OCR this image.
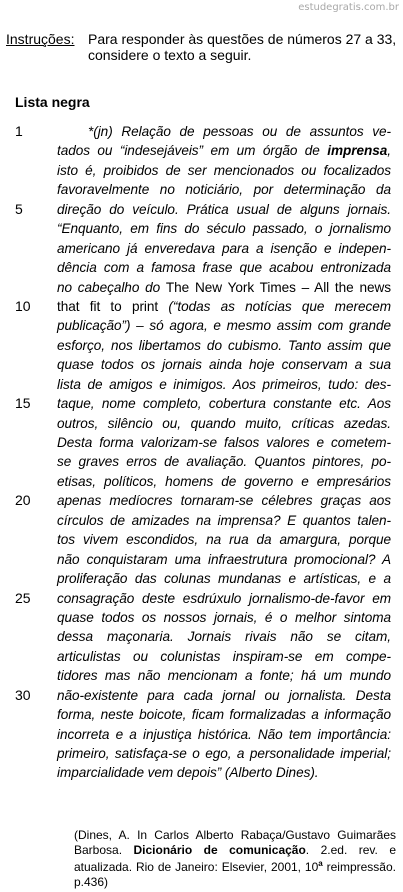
estudegratis.com.br
Instruções: Para responder às questões de números 27 a 33, considere o texto a seguir.
Lista negra
1	*(jn) Relação de pessoas ou de assuntos ve-
tados ou “indesejáveis” em um órgão de imprensa,
isto é, proibidos de ser mencionados ou focalizados
favoravelmente no noticiário, por determinação da
5	direção do veículo. Prática usual de alguns jornais.
“Enquanto, em fins do século passado, o jornalismo
americano já enveredava para a isenção e indepen-
dência com a famosa frase que acabou entronizada
no cabeçalho do The New York Times – All the news
10	that fit to print (“todas as notícias que merecem
publicação”) – só agora, e mesmo assim com grande
esforço, nos libertamos do cubismo. Tanto assim que
quase todos os jornais ainda hoje conservam a sua
lista de amigos e inimigos. Aos primeiros, tudo: des-
15	taque, nome completo, cobertura constante etc. Aos
outros, silêncio ou, quando muito, críticas azedas.
Desta forma valorizam-se falsos valores e cometem-
se graves erros de avaliação. Quantos pintores, po-
etisas, políticos, homens de governo e empresários
20	apenas medíocres tornaram-se célebres graças aos
círculos de amizades na imprensa? E quantos talen-
tos vivem escondidos, na rua da amargura, porque
não conquistaram uma infraestrutura promocional? A
proliferação das colunas mundanas e artísticas, e a
25	consagração deste esdrúxulo jornalismo-de-favor em
quase todos os nossos jornais, é o melhor sintoma
dessa maçonaria. Jornais rivais não se citam,
articulistas ou colunistas inspiram-se em compe-
tidores mas não mencionam a fonte; há um mundo
30	não-existente para cada jornal ou jornalista. Desta
forma, neste boicote, ficam formalizadas a informação
incorreta e a injustiça histórica. Não tem importância:
primeiro, satisfaça-se o ego, a personalidade imperial;
imparcialidade vem depois” (Alberto Dines).
(Dines, A. In Carlos Alberto Rabaça/Gustavo Guimarães Barbosa. Dicionário de comunicação. 2.ed. rev. e atualizada. Rio de Janeiro: Elsevier, 2001, 10$^a$ reimpressão. p.436)
